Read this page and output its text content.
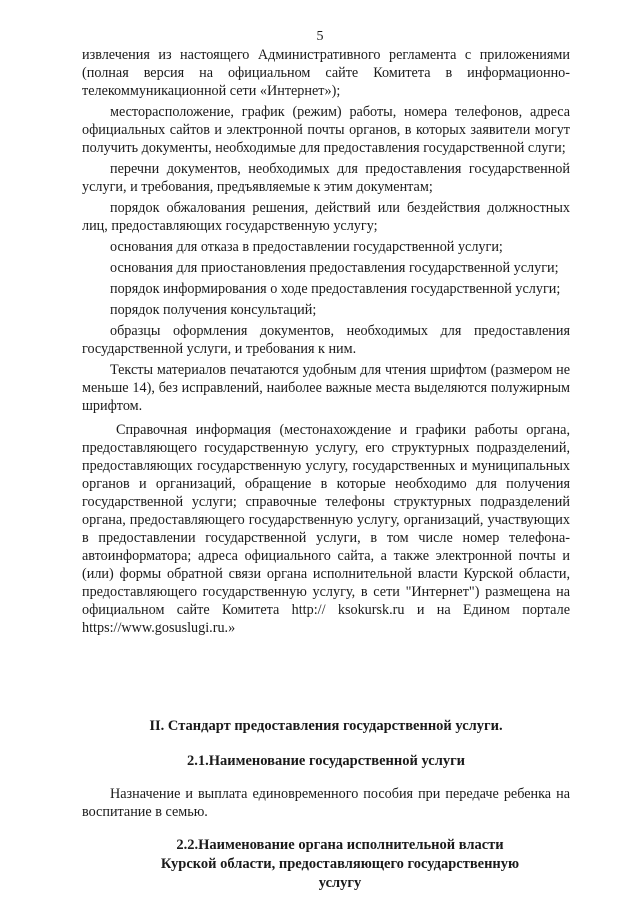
5

извлечения из настоящего Административного регламента с приложениями (полная версия на официальном сайте Комитета в информационно-телекоммуникационной сети «Интернет»);

месторасположение, график (режим) работы, номера телефонов, адреса официальных сайтов и электронной почты органов, в которых заявители могут получить документы, необходимые для предоставления государственной слуги;

перечни документов, необходимых для предоставления государственной услуги, и требования, предъявляемые к этим документам;

порядок обжалования решения, действий или бездействия должностных лиц, предоставляющих государственную услугу;

основания для отказа в предоставлении государственной услуги;

основания для приостановления предоставления государственной услуги;

порядок информирования о ходе предоставления государственной услуги;

порядок получения консультаций;

образцы оформления документов, необходимых для предоставления государственной услуги, и требования к ним.

Тексты материалов печатаются удобным для чтения шрифтом (размером не меньше 14), без исправлений, наиболее важные места выделяются полужирным шрифтом.

Справочная информация (местонахождение и графики работы органа, предоставляющего государственную услугу, его структурных подразделений, предоставляющих государственную услугу, государственных и муниципальных органов и организаций, обращение в которые необходимо для получения государственной услуги; справочные телефоны структурных подразделений органа, предоставляющего государственную услугу, организаций, участвующих в предоставлении государственной услуги, в том числе номер телефона-автоинформатора; адреса официального сайта, а также электронной почты и (или) формы обратной связи органа исполнительной власти Курской области, предоставляющего государственную услугу, в сети "Интернет") размещена на официальном сайте Комитета http:// ksokursk.ru и на Едином портале https://www.gosuslugi.ru.»

II. Стандарт предоставления государственной услуги.
2.1.Наименование государственной услуги

Назначение и выплата единовременного пособия при передаче ребенка на воспитание в семью.

2.2.Наименование органа исполнительной власти Курской области, предоставляющего государственную услугу
